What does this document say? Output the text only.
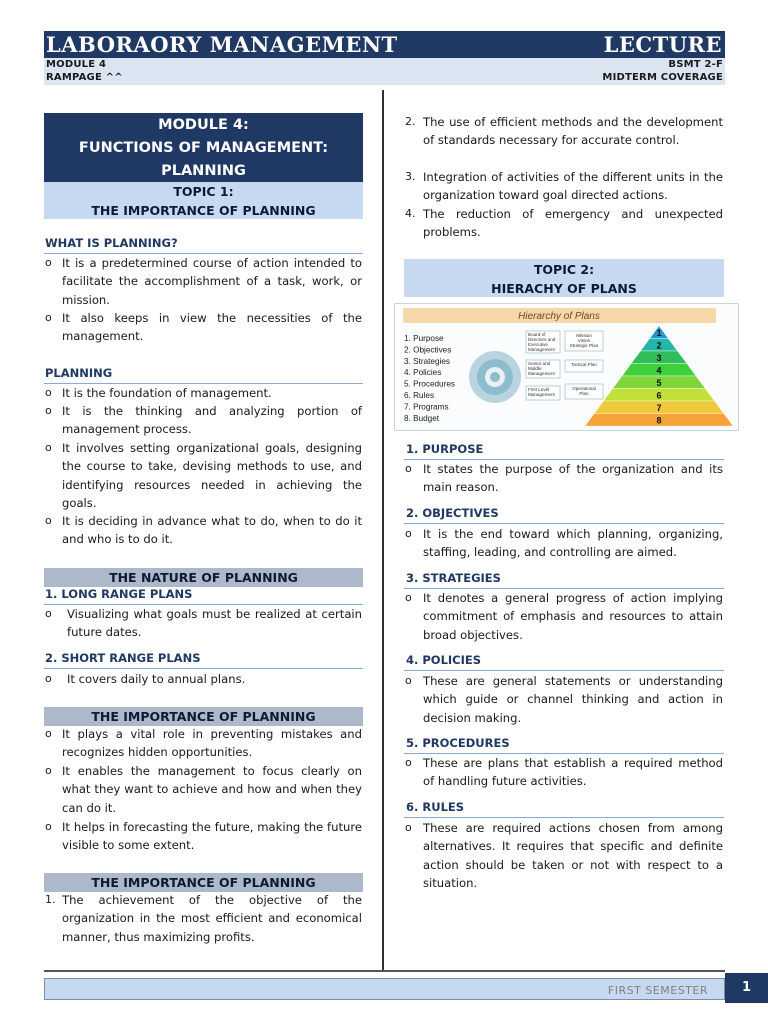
LABORAORY MANAGEMENT	LECTURE
MODULE 4
RAMPAGE ^^
BSMT 2-F
MIDTERM COVERAGE
MODULE 4:
FUNCTIONS OF MANAGEMENT:
PLANNING
TOPIC 1:
THE IMPORTANCE OF PLANNING
WHAT IS PLANNING?
o It is a predetermined course of action intended to facilitate the accomplishment of a task, work, or mission.
o It also keeps in view the necessities of the management.
PLANNING
o It is the foundation of management.
o It is the thinking and analyzing portion of management process.
o It involves setting organizational goals, designing the course to take, devising methods to use, and identifying resources needed in achieving the goals.
o It is deciding in advance what to do, when to do it and who is to do it.
THE NATURE OF PLANNING
1. LONG RANGE PLANS
o	Visualizing what goals must be realized at certain future dates.
2. SHORT RANGE PLANS
o	It covers daily to annual plans.
THE IMPORTANCE OF PLANNING
o It plays a vital role in preventing mistakes and recognizes hidden opportunities.
o It enables the management to focus clearly on what they want to achieve and how and when they can do it.
o It helps in forecasting the future, making the future visible to some extent.
THE IMPORTANCE OF PLANNING
1. The achievement of the objective of the organization in the most efficient and economical manner, thus maximizing profits.
2. The use of efficient methods and the development of standards necessary for accurate control.
3. Integration of activities of the different units in the organization toward goal directed actions.
4. The reduction of emergency and unexpected problems.
TOPIC 2:
HIERACHY OF PLANS
Hierarchy of Plans
1. Purpose
2. Objectives
3. Strategies
4. Policies
5. Procedures
6. Rules
7. Programs
8. Budget
Board of
Directors and
Executive
Management
Senior and
Middle
Management
First Level
Management
Mission
Vision
Strategic Plan
Tactical Plan
Operational
Plan
1
2
3
4
5
6
7
8
1. PURPOSE
o It states the purpose of the organization and its main reason.
2. OBJECTIVES
o It is the end toward which planning, organizing, staffing, leading, and controlling are aimed.
3. STRATEGIES
o It denotes a general progress of action implying commitment of emphasis and resources to attain broad objectives.
4. POLICIES
o These are general statements or understanding which guide or channel thinking and action in decision making.
5. PROCEDURES
o These are plans that establish a required method of handling future activities.
6. RULES
o These are required actions chosen from among alternatives. It requires that specific and definite action should be taken or not with respect to a situation.
FIRST SEMESTER	1
